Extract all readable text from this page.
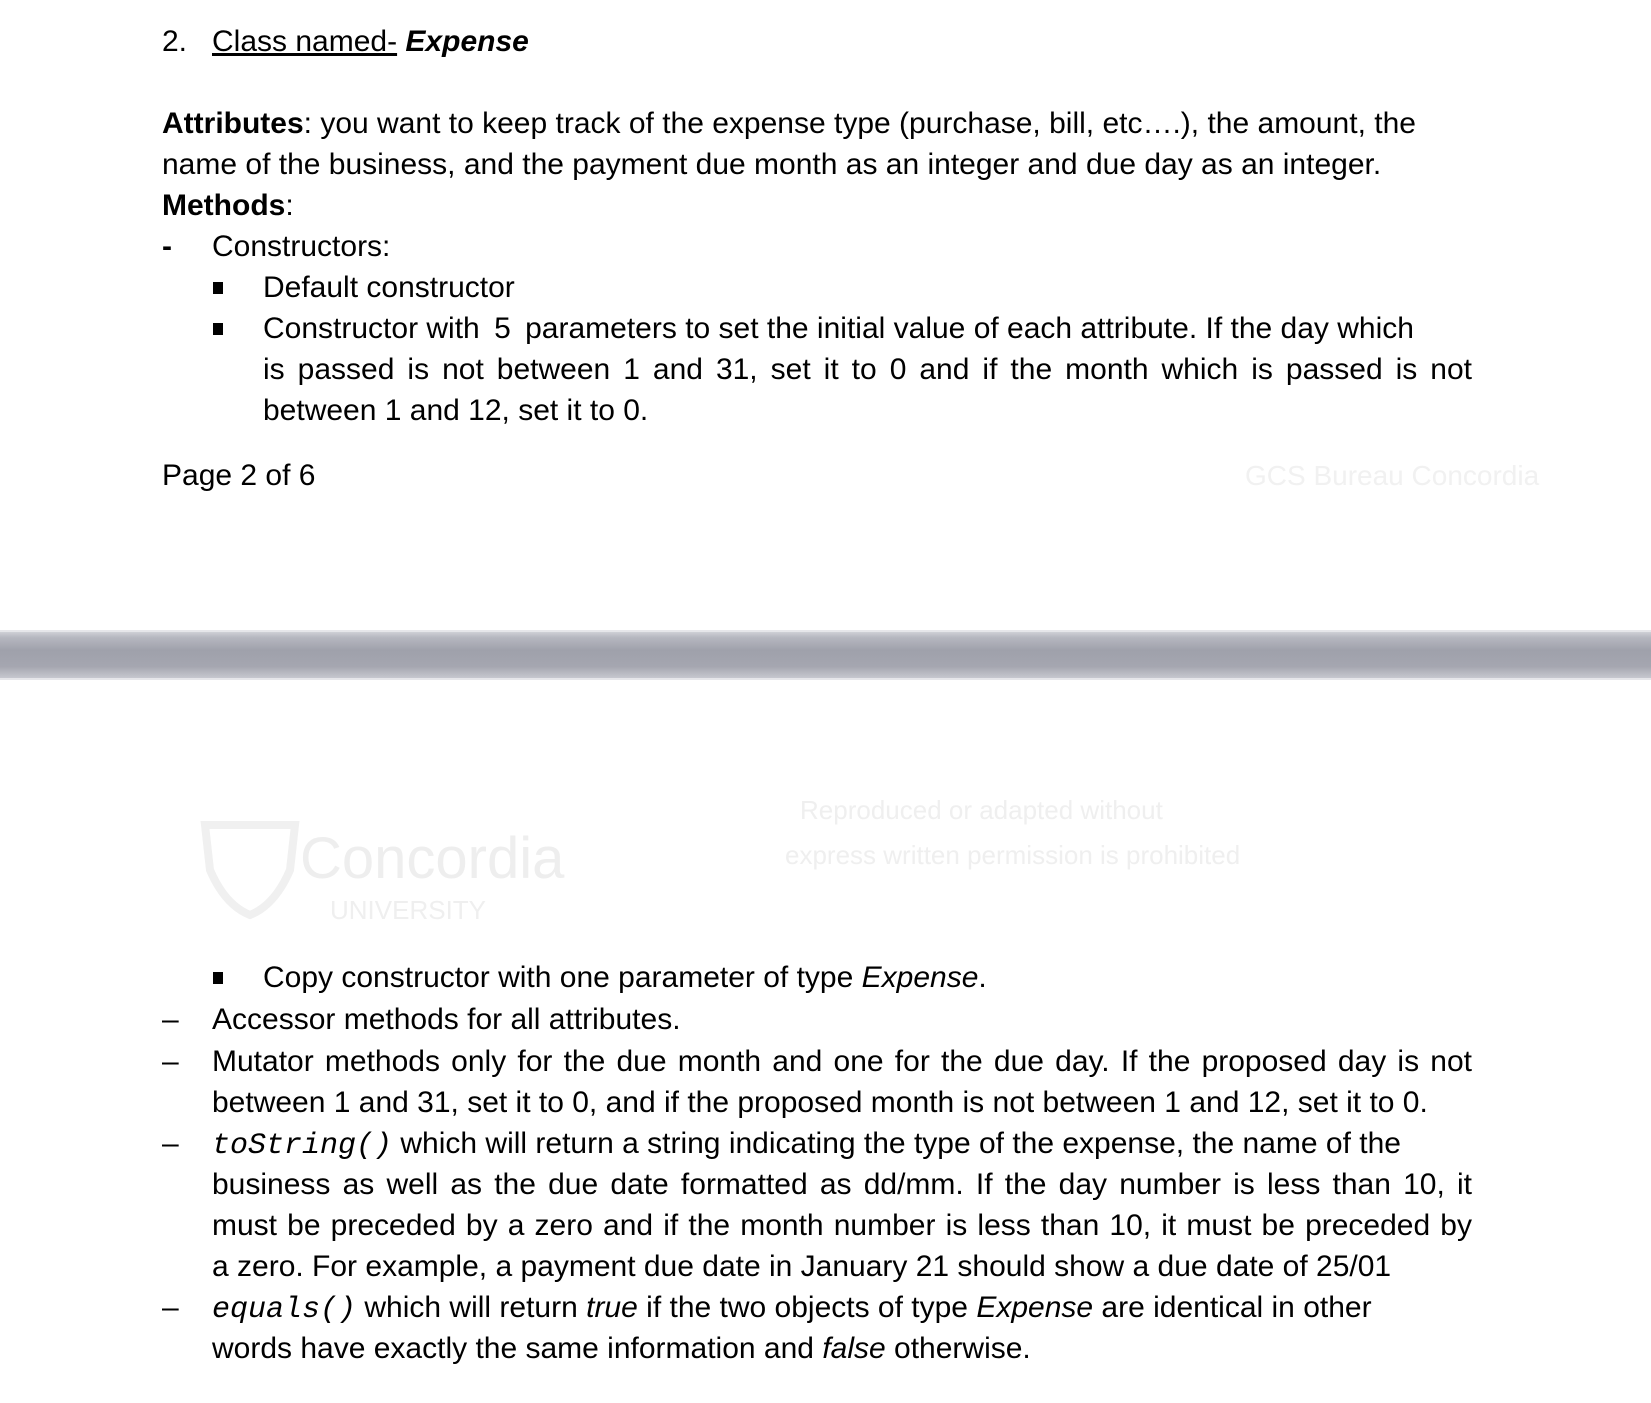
2. Class named- Expense
Attributes: you want to keep track of the expense type (purchase, bill, etc….), the amount, the
name of the business, and the payment due month as an integer and due day as an integer.
Methods:
- Constructors:
Default constructor
Constructor with 5 parameters to set the initial value of each attribute. If the day which
is passed is not between 1 and 31, set it to 0 and if the month which is passed is not
between 1 and 12, set it to 0.
Page 2 of 6	GCS Bureau Concordia
Concordia
UNIVERSITY
Reproduced or adapted without
express written permission is prohibited
Copy constructor with one parameter of type Expense.
– Accessor methods for all attributes.
– Mutator methods only for the due month and one for the due day. If the proposed day is not
between 1 and 31, set it to 0, and if the proposed month is not between 1 and 12, set it to 0.
– toString() which will return a string indicating the type of the expense, the name of the
business as well as the due date formatted as dd/mm. If the day number is less than 10, it
must be preceded by a zero and if the month number is less than 10, it must be preceded by
a zero. For example, a payment due date in January 21 should show a due date of 25/01
– equals() which will return true if the two objects of type Expense are identical in other
words have exactly the same information and false otherwise.
